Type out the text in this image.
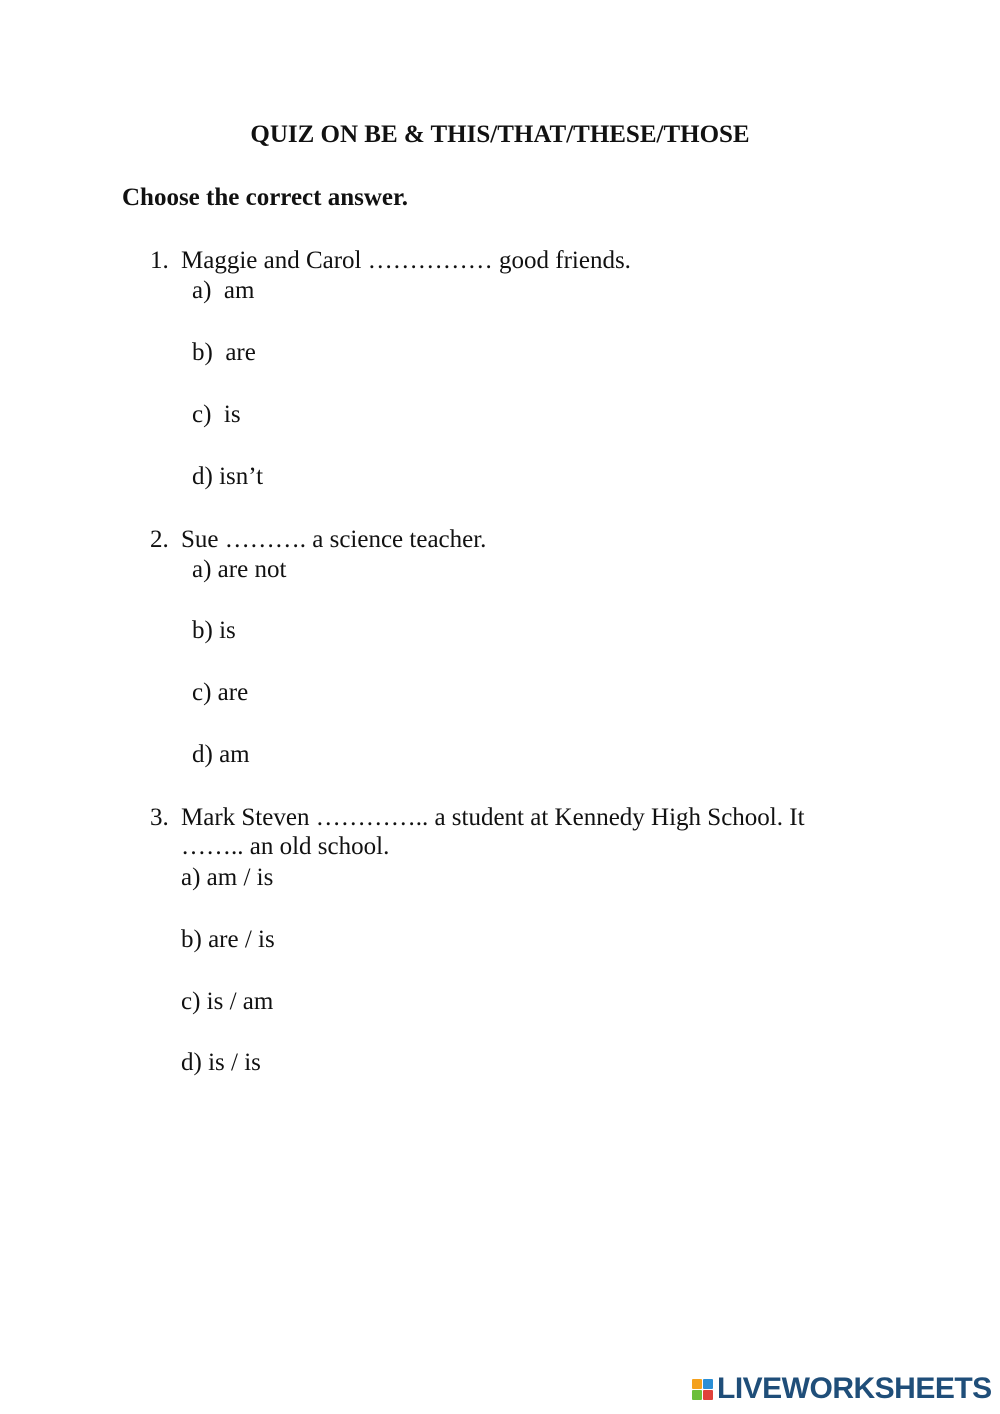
QUIZ ON BE & THIS/THAT/THESE/THOSE
Choose the correct answer.
1. Maggie and Carol …………… good friends.
a)  am
b)  are
c)  is
d) isn’t
2. Sue ………. a science teacher.
a) are not
b) is
c) are
d) am
3. Mark Steven ………….. a student at Kennedy High School. It
…….. an old school.
a) am / is
b) are / is
c) is / am
d) is / is
LIVEWORKSHEETS
